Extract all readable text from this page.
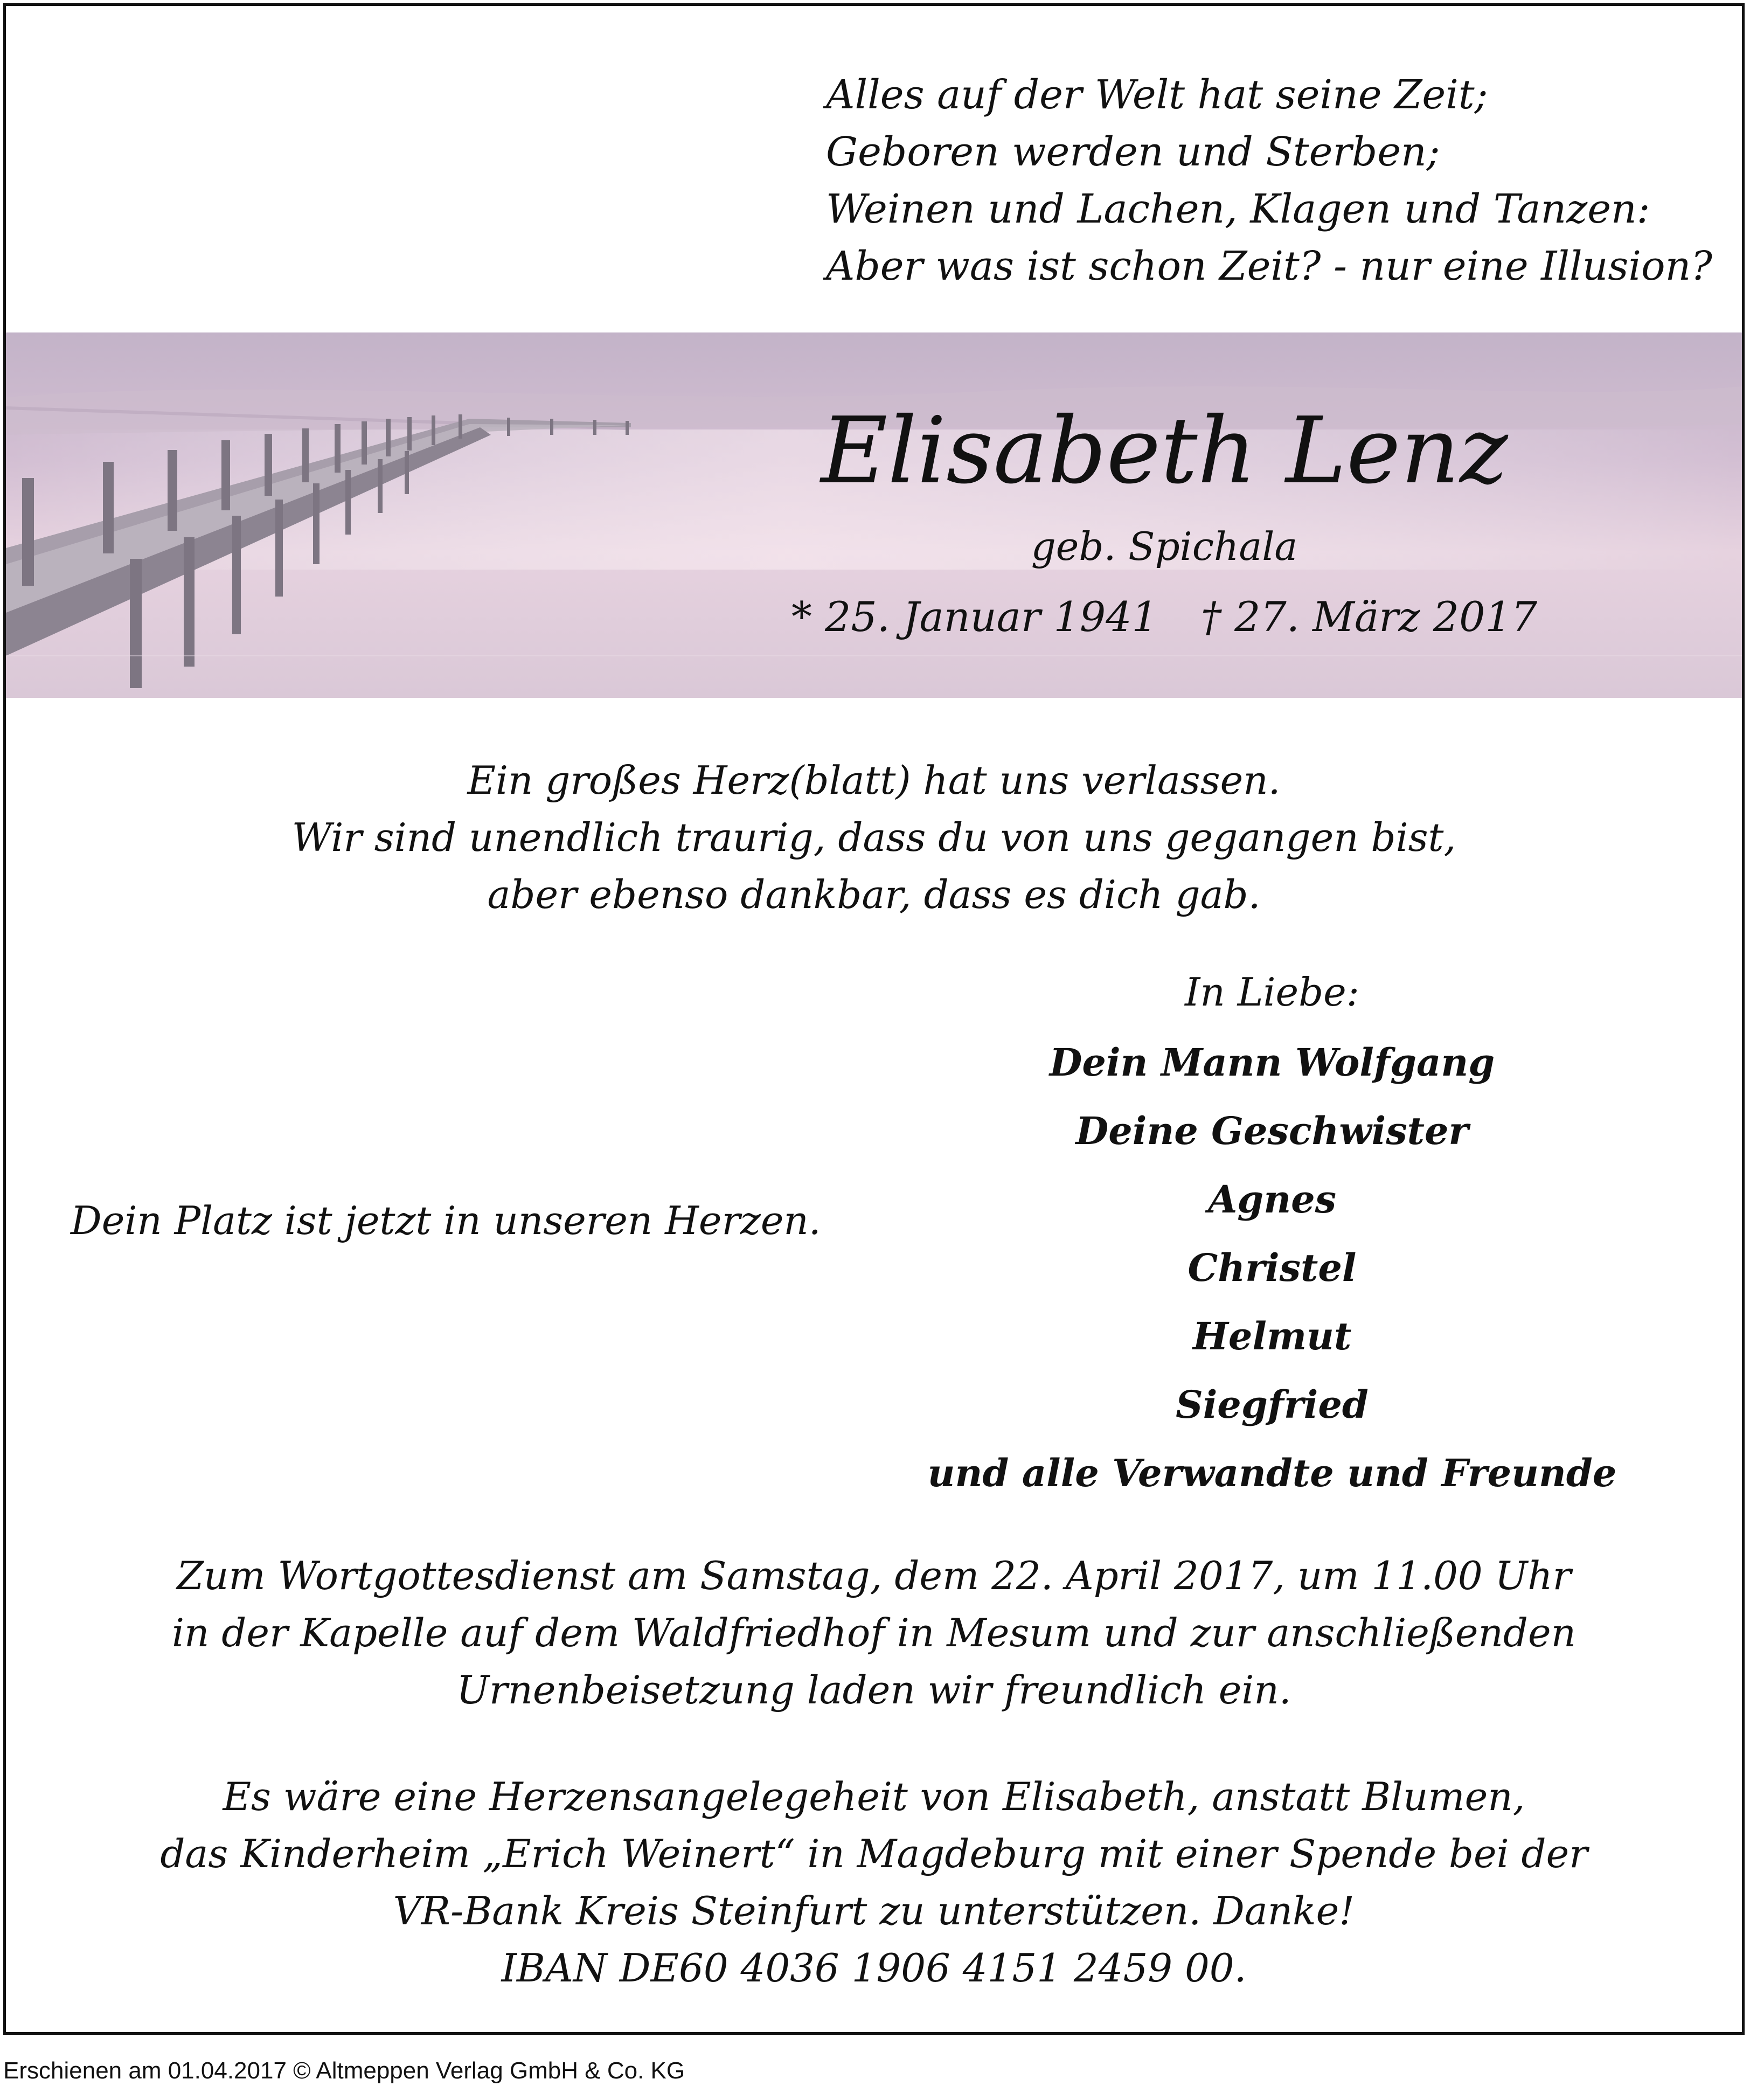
Alles auf der Welt hat seine Zeit;
Geboren werden und Sterben;
Weinen und Lachen, Klagen und Tanzen:
Aber was ist schon Zeit? - nur eine Illusion?
Elisabeth Lenz
geb. Spichala
* 25. Januar 1941 † 27. März 2017
Ein großes Herz(blatt) hat uns verlassen.
Wir sind unendlich traurig, dass du von uns gegangen bist,
aber ebenso dankbar, dass es dich gab.
Dein Platz ist jetzt in unseren Herzen.
In Liebe:
Dein Mann Wolfgang
Deine Geschwister
Agnes
Christel
Helmut
Siegfried
und alle Verwandte und Freunde
Zum Wortgottesdienst am Samstag, dem 22. April 2017, um 11.00 Uhr
in der Kapelle auf dem Waldfriedhof in Mesum und zur anschließenden
Urnenbeisetzung laden wir freundlich ein.
Es wäre eine Herzensangelegeheit von Elisabeth, anstatt Blumen,
das Kinderheim „Erich Weinert“ in Magdeburg mit einer Spende bei der
VR-Bank Kreis Steinfurt zu unterstützen. Danke!
IBAN DE60 4036 1906 4151 2459 00.
Erschienen am 01.04.2017 © Altmeppen Verlag GmbH & Co. KG
